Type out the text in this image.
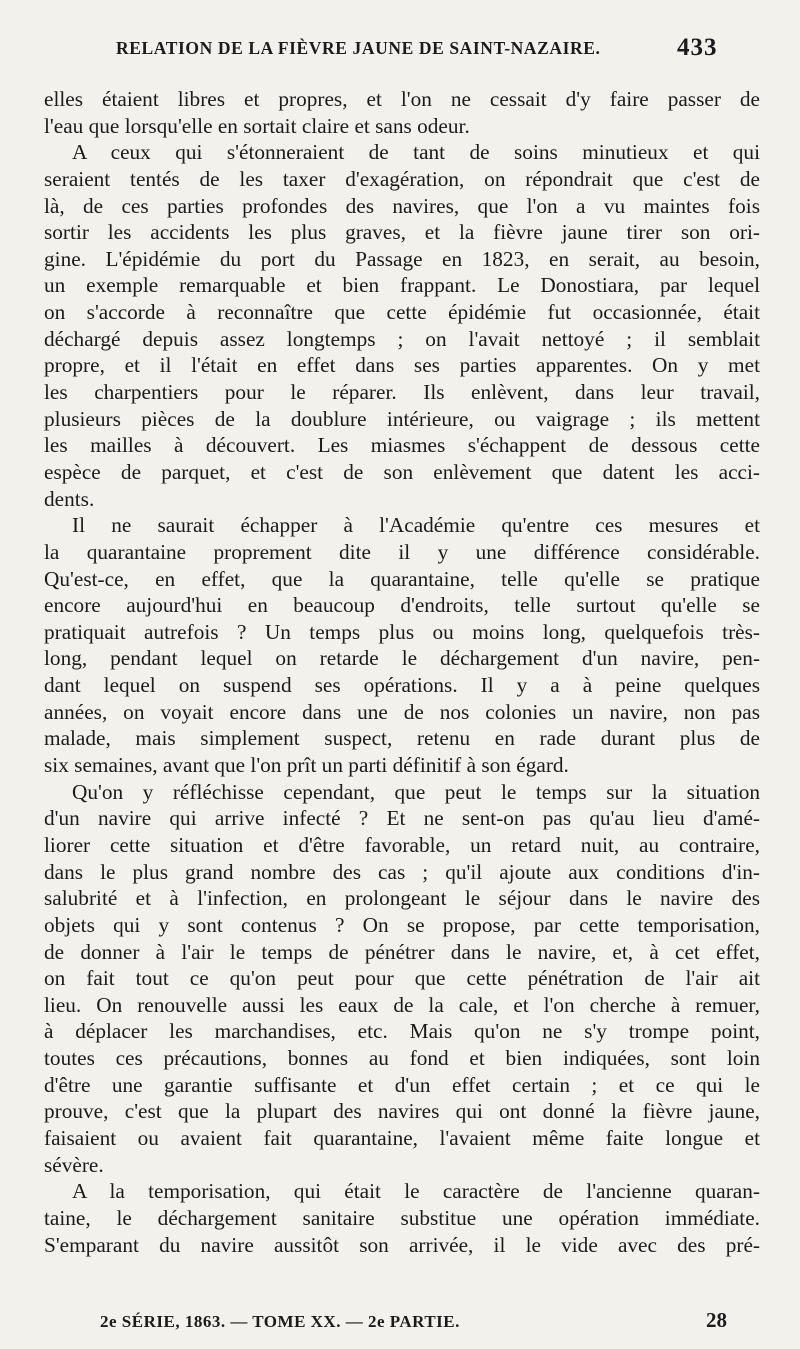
RELATION DE LA FIÈVRE JAUNE DE SAINT-NAZAIRE.	433
elles étaient libres et propres, et l'on ne cessait d'y faire passer de
l'eau que lorsqu'elle en sortait claire et sans odeur.
A ceux qui s'étonneraient de tant de soins minutieux et qui
seraient tentés de les taxer d'exagération, on répondrait que c'est de
là, de ces parties profondes des navires, que l'on a vu maintes fois
sortir les accidents les plus graves, et la fièvre jaune tirer son ori-
gine. L'épidémie du port du Passage en 1823, en serait, au besoin,
un exemple remarquable et bien frappant. Le Donostiara, par lequel
on s'accorde à reconnaître que cette épidémie fut occasionnée, était
déchargé depuis assez longtemps ; on l'avait nettoyé ; il semblait
propre, et il l'était en effet dans ses parties apparentes. On y met
les charpentiers pour le réparer. Ils enlèvent, dans leur travail,
plusieurs pièces de la doublure intérieure, ou vaigrage ; ils mettent
les mailles à découvert. Les miasmes s'échappent de dessous cette
espèce de parquet, et c'est de son enlèvement que datent les acci-
dents.
Il ne saurait échapper à l'Académie qu'entre ces mesures et
la quarantaine proprement dite il y une différence considérable.
Qu'est-ce, en effet, que la quarantaine, telle qu'elle se pratique
encore aujourd'hui en beaucoup d'endroits, telle surtout qu'elle se
pratiquait autrefois ? Un temps plus ou moins long, quelquefois très-
long, pendant lequel on retarde le déchargement d'un navire, pen-
dant lequel on suspend ses opérations. Il y a à peine quelques
années, on voyait encore dans une de nos colonies un navire, non pas
malade, mais simplement suspect, retenu en rade durant plus de
six semaines, avant que l'on prît un parti définitif à son égard.
Qu'on y réfléchisse cependant, que peut le temps sur la situation
d'un navire qui arrive infecté ? Et ne sent-on pas qu'au lieu d'amé-
liorer cette situation et d'être favorable, un retard nuit, au contraire,
dans le plus grand nombre des cas ; qu'il ajoute aux conditions d'in-
salubrité et à l'infection, en prolongeant le séjour dans le navire des
objets qui y sont contenus ? On se propose, par cette temporisation,
de donner à l'air le temps de pénétrer dans le navire, et, à cet effet,
on fait tout ce qu'on peut pour que cette pénétration de l'air ait
lieu. On renouvelle aussi les eaux de la cale, et l'on cherche à remuer,
à déplacer les marchandises, etc. Mais qu'on ne s'y trompe point,
toutes ces précautions, bonnes au fond et bien indiquées, sont loin
d'être une garantie suffisante et d'un effet certain ; et ce qui le
prouve, c'est que la plupart des navires qui ont donné la fièvre jaune,
faisaient ou avaient fait quarantaine, l'avaient même faite longue et
sévère.
A la temporisation, qui était le caractère de l'ancienne quaran-
taine, le déchargement sanitaire substitue une opération immédiate.
S'emparant du navire aussitôt son arrivée, il le vide avec des pré-
2e SÉRIE, 1863. — TOME XX. — 2e PARTIE.	28
